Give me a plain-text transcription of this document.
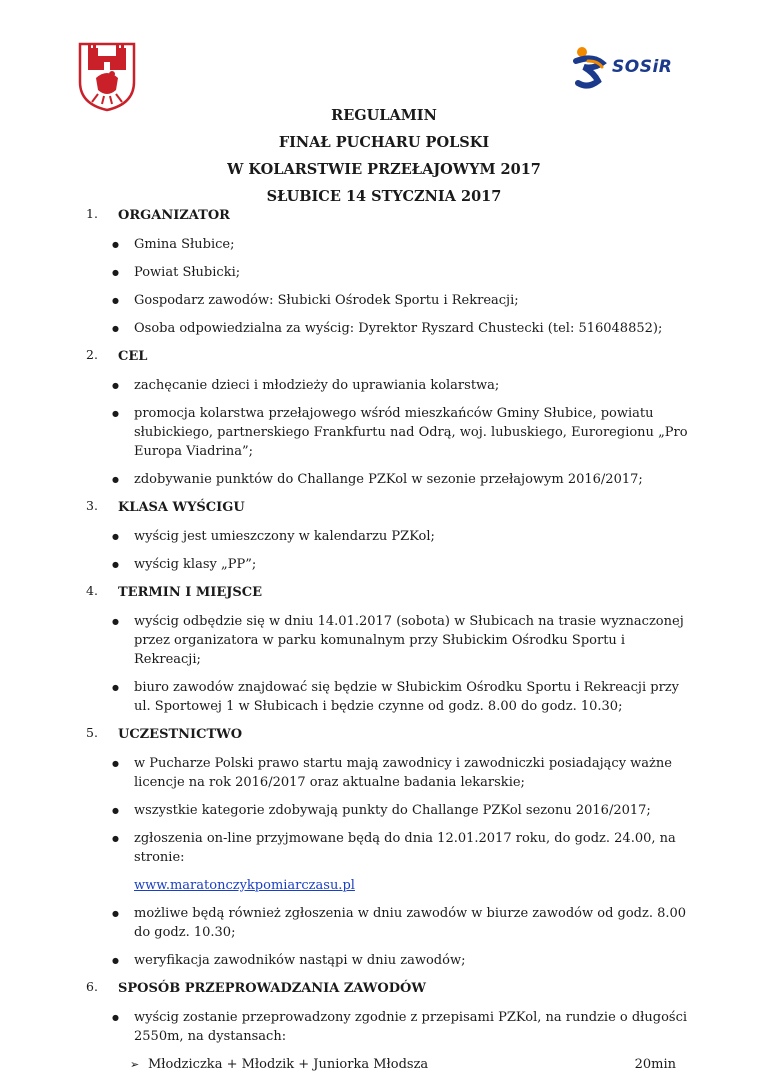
SOSiR
REGULAMIN
FINAŁ PUCHARU POLSKI
W KOLARSTWIE PRZEŁAJOWYM 2017
SŁUBICE 14 STYCZNIA 2017
1. ORGANIZATOR
● Gmina Słubice;
● Powiat Słubicki;
● Gospodarz zawodów: Słubicki Ośrodek Sportu i Rekreacji;
● Osoba odpowiedzialna za wyścig: Dyrektor Ryszard Chustecki (tel: 516048852);
2. CEL
● zachęcanie dzieci i młodzieży do uprawiania kolarstwa;
● promocja kolarstwa przełajowego wśród mieszkańców Gminy Słubice, powiatu słubickiego, partnerskiego Frankfurtu nad Odrą, woj. lubuskiego, Euroregionu „Pro Europa Viadrina”;
● zdobywanie punktów do Challange PZKol w sezonie przełajowym 2016/2017;
3. KLASA WYŚCIGU
● wyścig jest umieszczony w kalendarzu PZKol;
● wyścig klasy „PP”;
4. TERMIN I MIEJSCE
● wyścig odbędzie się w dniu 14.01.2017 (sobota) w Słubicach na trasie wyznaczonej przez organizatora w parku komunalnym przy Słubickim Ośrodku Sportu i Rekreacji;
● biuro zawodów znajdować się będzie w Słubickim Ośrodku Sportu i Rekreacji przy ul. Sportowej 1 w Słubicach i będzie czynne od godz. 8.00 do godz. 10.30;
5. UCZESTNICTWO
● w Pucharze Polski prawo startu mają zawodnicy i zawodniczki posiadający ważne licencje na rok 2016/2017 oraz aktualne badania lekarskie;
● wszystkie kategorie zdobywają punkty do Challange PZKol sezonu 2016/2017;
● zgłoszenia on-line przyjmowane będą do dnia 12.01.2017 roku, do godz. 24.00, na stronie:
www.maratonczykpomiarczasu.pl
● możliwe będą również zgłoszenia w dniu zawodów w biurze zawodów od godz. 8.00 do godz. 10.30;
● weryfikacja zawodników nastąpi w dniu zawodów;
6. SPOSÓB PRZEPROWADZANIA ZAWODÓW
● wyścig zostanie przeprowadzony zgodnie z przepisami PZKol, na rundzie o długości 2550m, na dystansach:
➢ Młodziczka + Młodzik + Juniorka Młodsza	20min
